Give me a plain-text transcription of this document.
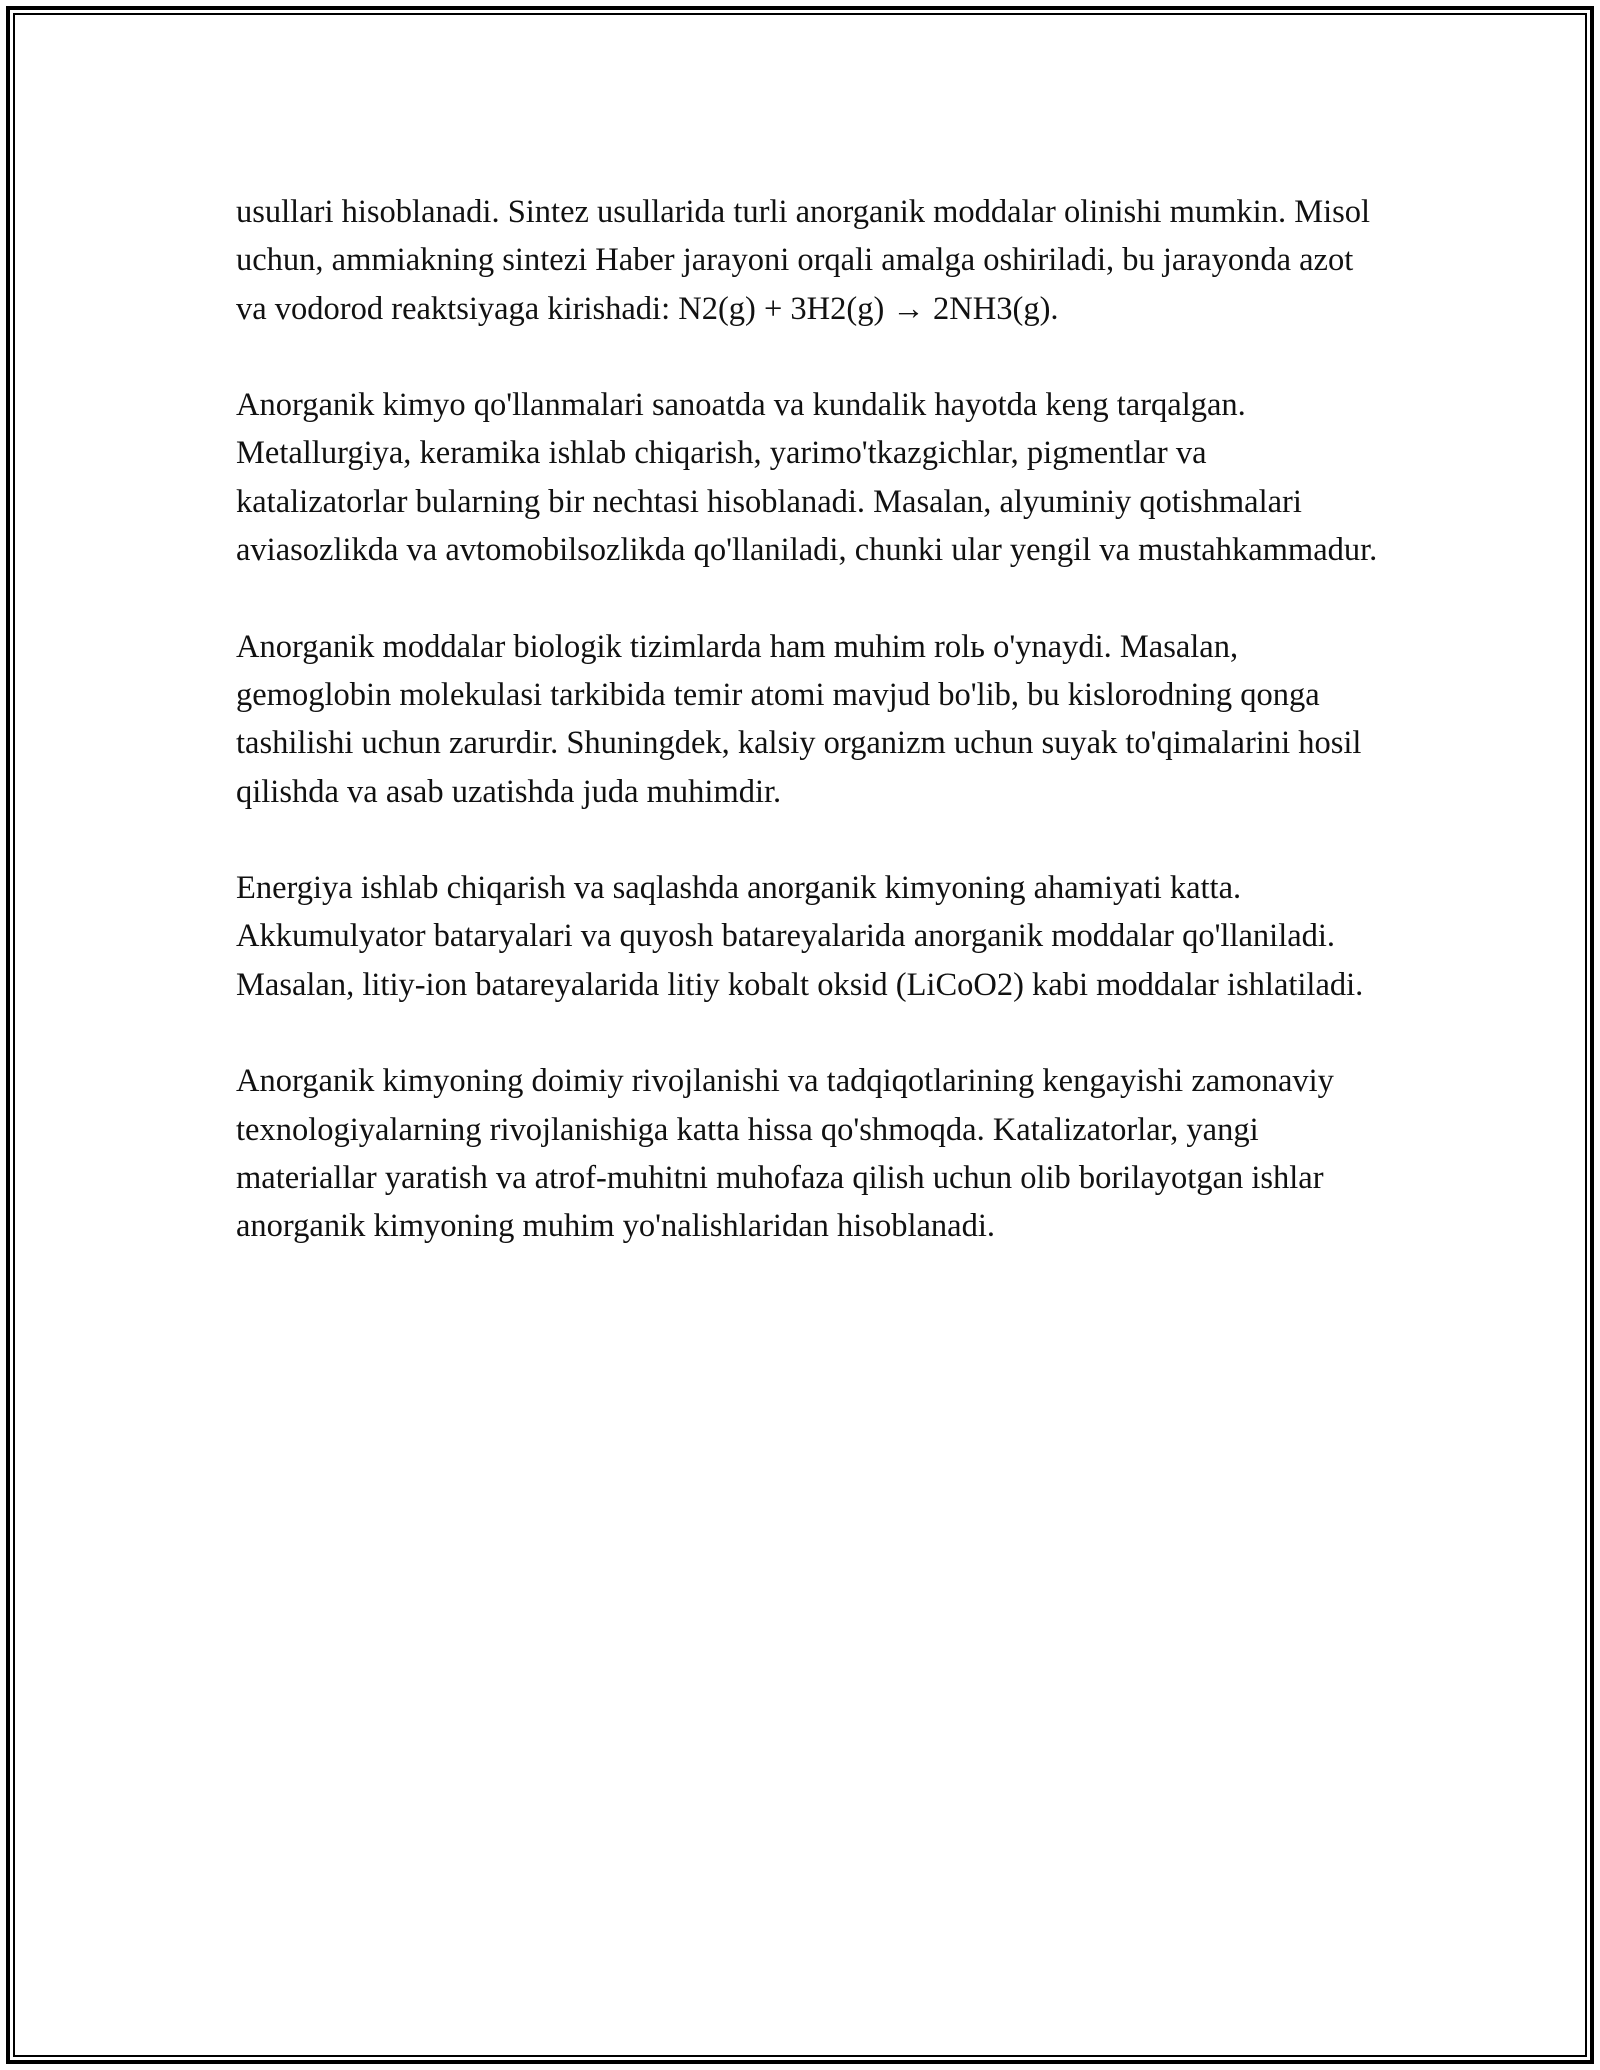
usullari hisoblanadi. Sintez usullarida turli anorganik moddalar olinishi mumkin. Misol uchun, ammiakning sintezi Haber jarayoni orqali amalga oshiriladi, bu jarayonda azot va vodorod reaktsiyaga kirishadi: N2(g) + 3H2(g) → 2NH3(g).

Anorganik kimyo qo'llanmalari sanoatda va kundalik hayotda keng tarqalgan. Metallurgiya, keramika ishlab chiqarish, yarimo'tkazgichlar, pigmentlar va katalizatorlar bularning bir nechtasi hisoblanadi. Masalan, alyuminiy qotishmalari aviasozlikda va avtomobilsozlikda qo'llaniladi, chunki ular yengil va mustahkammadur.

Anorganik moddalar biologik tizimlarda ham muhim rolь o'ynaydi. Masalan, gemoglobin molekulasi tarkibida temir atomi mavjud bo'lib, bu kislorodning qonga tashilishi uchun zarurdir. Shuningdek, kalsiy organizm uchun suyak to'qimalarini hosil qilishda va asab uzatishda juda muhimdir.

Energiya ishlab chiqarish va saqlashda anorganik kimyoning ahamiyati katta. Akkumulyator bataryalari va quyosh batareyalarida anorganik moddalar qo'llaniladi. Masalan, litiy-ion batareyalarida litiy kobalt oksid (LiCoO2) kabi moddalar ishlatiladi.

Anorganik kimyoning doimiy rivojlanishi va tadqiqotlarining kengayishi zamonaviy texnologiyalarning rivojlanishiga katta hissa qo'shmoqda. Katalizatorlar, yangi materiallar yaratish va atrof-muhitni muhofaza qilish uchun olib borilayotgan ishlar anorganik kimyoning muhim yo'nalishlaridan hisoblanadi.
